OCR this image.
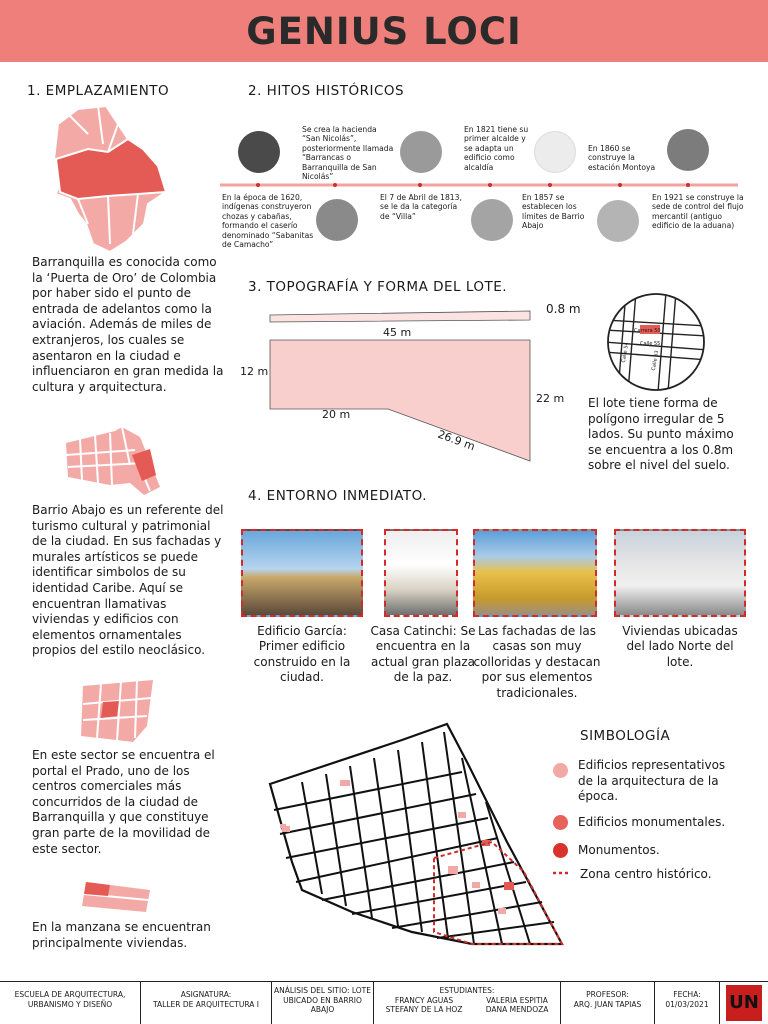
GENIUS LOCI
1. EMPLAZAMIENTO	2. HITOS HISTÓRICOS
3. TOPOGRAFÍA Y FORMA DEL LOTE.
4. ENTORNO INMEDIATO.
Barranquilla es conocida como la ‘Puerta de Oro’ de Colombia por haber sido el punto de entrada de adelantos como la aviación. Además de miles de extranjeros, los cuales se asentaron en la ciudad e influenciaron en gran medida la cultura y arquitectura.
Barrio Abajo es un referente del turismo cultural y patrimonial de la ciudad. En sus fachadas y murales artísticos se puede identificar simbolos de su identidad Caribe. Aquí se encuentran llamativas viviendas y edificios con elementos ornamentales propios del estilo neoclásico.
En este sector se encuentra el portal el Prado, uno de los centros comerciales más concurridos de la ciudad de Barranquilla y que constituye gran parte de la movilidad de este sector.
En la manzana se encuentran principalmente viviendas.
Se crea la hacienda “San Nicolás”, posteriormente llamada “Barrancas o Barranquilla de San Nicolás”
En 1821 tiene su primer alcalde y se adapta un edificio como alcaldía
En 1860 se construye la estación Montoya
En la época de 1620, indígenas construyeron chozas y cabañas, formando el caserío denominado “Sabanitas de Camacho”
El 7 de Abril de 1813, se le da la categoría de “Villa”
En 1857 se establecen los límites de Barrio Abajo
En 1921 se construye la sede de control del flujo mercantil (antiguo edificio de la aduana)
0.8 m
45 m
12 m
20 m
22 m
26.9 m
Carrera 50
Calle 55
Calle 54	Calle 53
El lote tiene forma de polígono irregular de 5 lados. Su punto máximo se encuentra a los 0.8m sobre el nivel del suelo.
Edificio García: Primer edificio construido en la ciudad.
Casa Catinchi: Se encuentra en la actual gran plaza de la paz.
Las fachadas de las casas son muy colloridas y destacan por sus elementos tradicionales.
Viviendas ubicadas del lado Norte del lote.
SIMBOLOGÍA
Edificios representativos de la arquitectura de la época.
Edificios monumentales.
Monumentos.
Zona centro histórico.
ESCUELA DE ARQUITECTURA, URBANISMO Y DISEÑO
ASIGNATURA:
TALLER DE ARQUITECTURA I
ANÁLISIS DEL SITIO: LOTE UBICADO EN BARRIO ABAJO
ESTUDIANTES:
FRANCY AGUAS
STEFANY DE LA HOZ
VALERIA ESPITIA
DANA MENDOZA
PROFESOR:
ARQ. JUAN TAPIAS
FECHA:
01/03/2021	UN
